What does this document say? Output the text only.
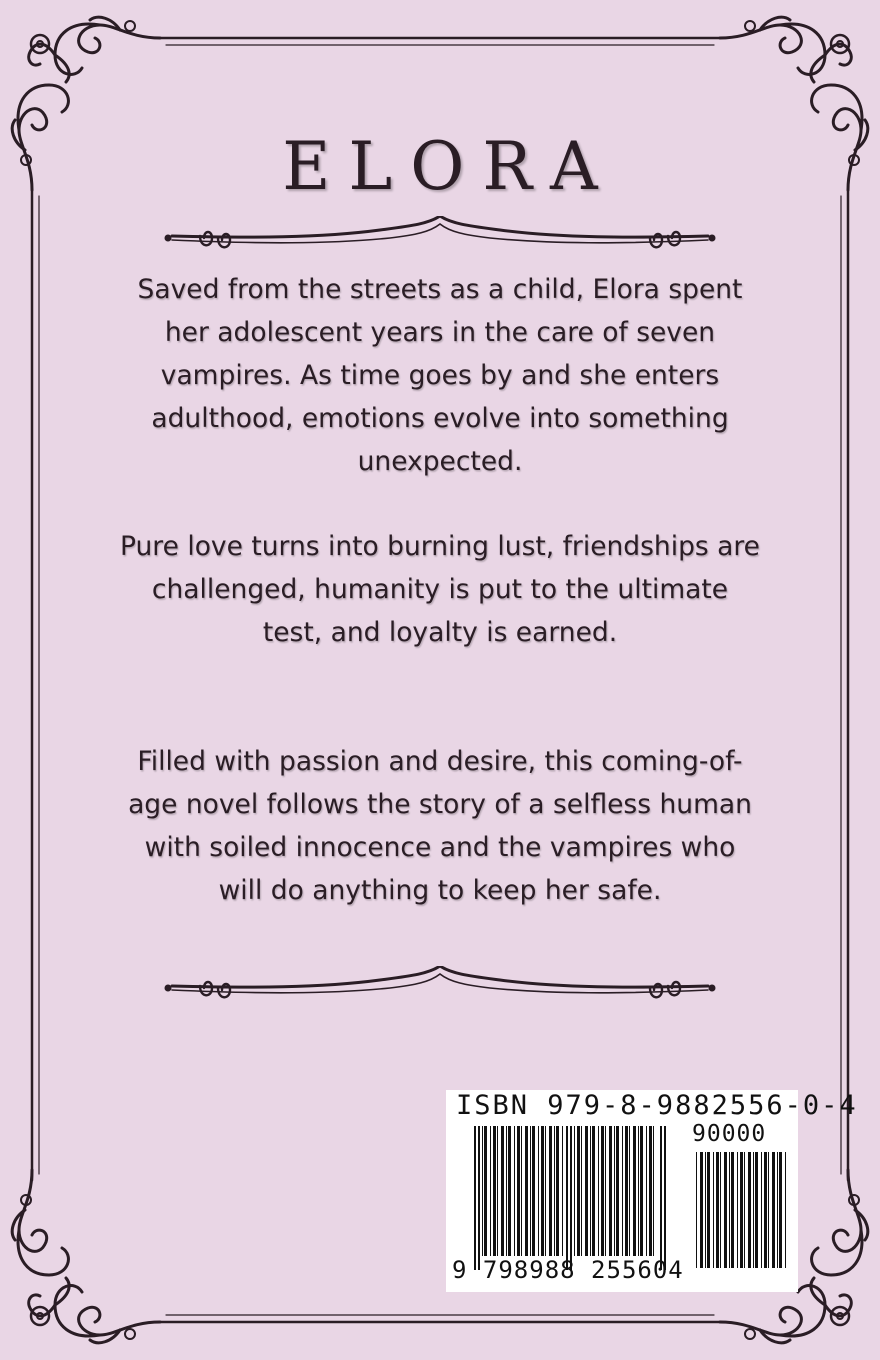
ELORA

Saved from the streets as a child, Elora spent her adolescent years in the care of seven vampires. As time goes by and she enters adulthood, emotions evolve into something unexpected.

Pure love turns into burning lust, friendships are challenged, humanity is put to the ultimate test, and loyalty is earned.

Filled with passion and desire, this coming-of-age novel follows the story of a selfless human with soiled innocence and the vampires who will do anything to keep her safe.

ISBN 979-8-9882556-0-4
90000
9 798988 255604
